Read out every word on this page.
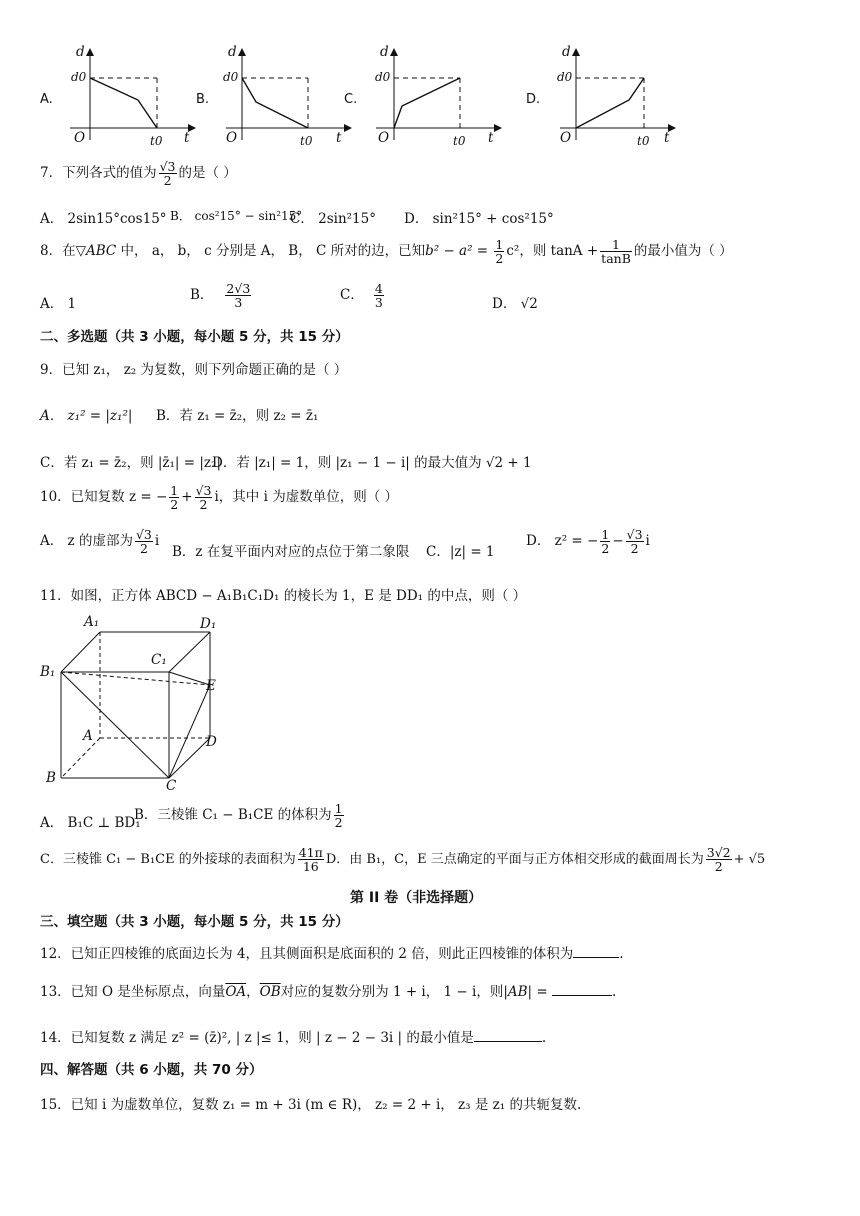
A.
d
d0
O	t
t0
B.
d
d0
O	t
t0
C.
d
d0
O	t
t0
D.
d
d0
O	t
t0
7．下列各式的值为 $\frac{√3}{2}$ 的是（ ）
A． 2sin15°cos15° B． cos²15° − sin²15°
C． 2sin²15° D． sin²15° + cos²15°
8．在▽ABC 中， a， b， c 分别是 A， B， C 所对的边，已知$b^2 - a^2 = \frac{1}{2} c^2$，则 $\tan A + \frac{1}{\tan B}$ 的最小值为（ ）
A． 1
B． $\frac{2√3}{3}$	C． $\frac{4}{3}$	D． √2
二、多选题（共 3 小题，每小题 5 分，共 15 分）
9．已知 z₁， z₂ 为复数，则下列命题正确的是（ ）
A． z₁² = |z₁²| B．若 z₁ = z̄₂，则 z₂ = z̄₁
C．若 z₁ = z̄₂，则 |z̄₁| = |z₂|
D．若 |z₁| = 1，则 |z₁ − 1 − i| 的最大值为 √2 + 1
10．已知复数 z = − $\frac{1}{2} + \frac{√3}{2}$ i，其中 i 为虚数单位，则（ ）
A． z 的虚部为 $\frac{√3}{2}$ i
B．z 在复平面内对应的点位于第二象限 C．|z| = 1
D． z² = − $\frac{1}{2} - \frac{√3}{2}$ i
11．如图，正方体 ABCD − A₁B₁C₁D₁ 的棱长为 1，E 是 DD₁ 的中点，则（ ）
A₁	D₁
C₁
B₁
E
A	D
B	C
A． B₁C ⊥ BD₁
B．三棱锥 C₁ − B₁CE 的体积为 $\frac{1}{2}$
C．三棱锥 C₁ − B₁CE 的外接球的表面积为 $\frac{41\pi}{16}$ D．由 B₁，C，E 三点确定的平面与正方体相交形成的截面周长为 $\frac{3√2}{2} + √5$
第 II 卷（非选择题）
三、填空题（共 3 小题，每小题 5 分，共 15 分）
12．已知正四棱锥的底面边长为 4，且其侧面积是底面积的 2 倍，则此正四棱锥的体积为	.
13．已知 O 是坐标原点，向量$\overline{OA}$，$\overline{OB}$对应的复数分别为 1 + i， 1 − i，则|AB| =	.
14．已知复数 z 满足 z² = (z̄)², | z |≤ 1，则 | z − 2 − 3i | 的最小值是	.
四、解答题（共 6 小题，共 70 分）
15．已知 i 为虚数单位，复数 z₁ = m + 3i (m ∈ R)， z₂ = 2 + i， z₃ 是 z₁ 的共轭复数.
